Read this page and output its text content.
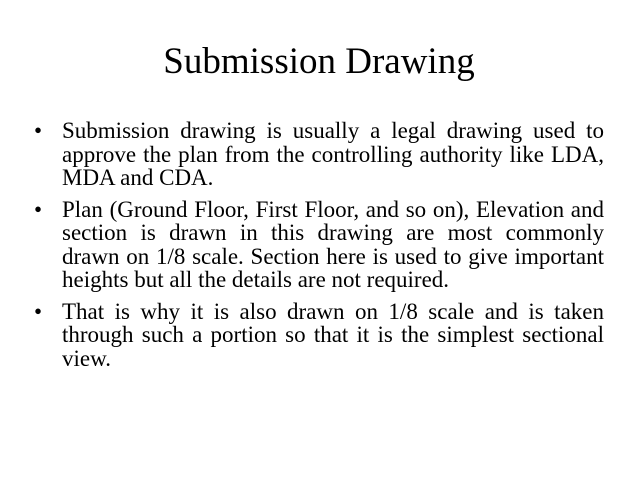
Submission Drawing
• Submission drawing is usually a legal drawing used to approve the plan from the controlling authority like LDA, MDA and CDA.
• Plan (Ground Floor, First Floor, and so on), Elevation and section is drawn in this drawing are most commonly drawn on 1/8 scale. Section here is used to give important heights but all the details are not required.
• That is why it is also drawn on 1/8 scale and is taken through such a portion so that it is the simplest sectional view.
